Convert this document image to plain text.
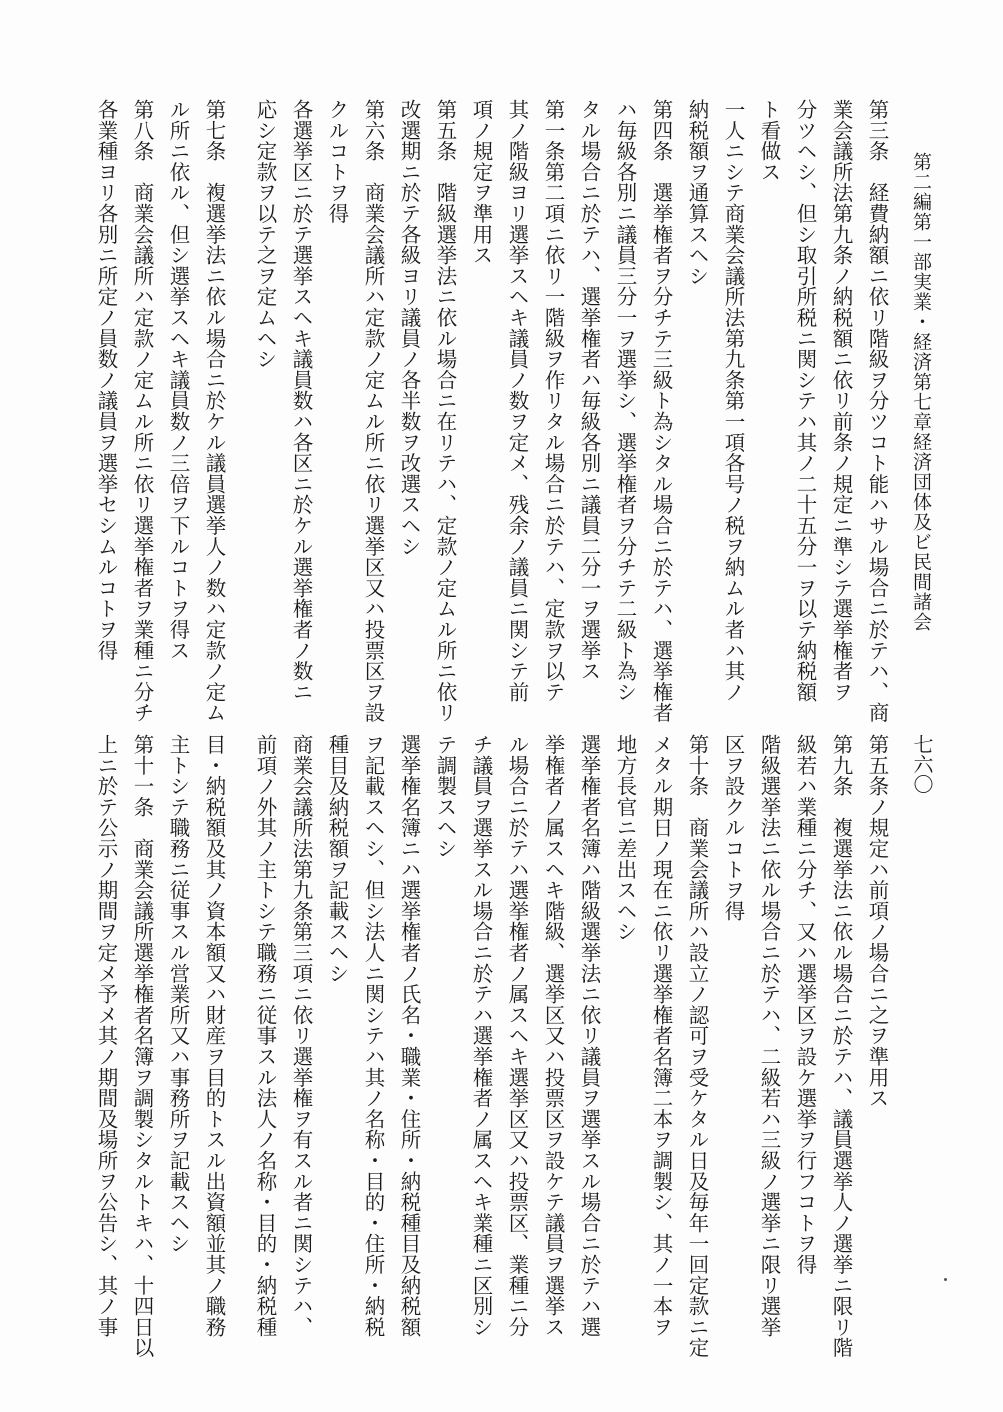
第二編第一部実業・経済第七章経済団体及ビ民間諸会
七六〇
第三条　経費納額ニ依リ階級ヲ分ツコト能ハサル場合ニ於テハ、商
業会議所法第九条ノ納税額ニ依リ前条ノ規定ニ準シテ選挙権者ヲ
分ツヘシ、但シ取引所税ニ関シテハ其ノ二十五分一ヲ以テ納税額
ト看做ス
一人ニシテ商業会議所法第九条第一項各号ノ税ヲ納ムル者ハ其ノ
納税額ヲ通算スヘシ
第四条　選挙権者ヲ分チテ三級ト為シタル場合ニ於テハ、選挙権者
ハ毎級各別ニ議員三分一ヲ選挙シ、選挙権者ヲ分チテ二級ト為シ
タル場合ニ於テハ、選挙権者ハ毎級各別ニ議員二分一ヲ選挙ス
第一条第二項ニ依リ一階級ヲ作リタル場合ニ於テハ、定款ヲ以テ
其ノ階級ヨリ選挙スヘキ議員ノ数ヲ定メ、残余ノ議員ニ関シテ前
項ノ規定ヲ準用ス
第五条　階級選挙法ニ依ル場合ニ在リテハ、定款ノ定ムル所ニ依リ
改選期ニ於テ各級ヨリ議員ノ各半数ヲ改選スヘシ
第六条　商業会議所ハ定款ノ定ムル所ニ依リ選挙区又ハ投票区ヲ設
クルコトヲ得
各選挙区ニ於テ選挙スヘキ議員数ハ各区ニ於ケル選挙権者ノ数ニ
応シ定款ヲ以テ之ヲ定ムヘシ
第七条　複選挙法ニ依ル場合ニ於ケル議員選挙人ノ数ハ定款ノ定ム
ル所ニ依ル、但シ選挙スヘキ議員数ノ三倍ヲ下ルコトヲ得ス
第八条　商業会議所ハ定款ノ定ムル所ニ依リ選挙権者ヲ業種ニ分チ
各業種ヨリ各別ニ所定ノ員数ノ議員ヲ選挙セシムルコトヲ得
第五条ノ規定ハ前項ノ場合ニ之ヲ準用ス
第九条　複選挙法ニ依ル場合ニ於テハ、議員選挙人ノ選挙ニ限リ階
級若ハ業種ニ分チ、又ハ選挙区ヲ設ケ選挙ヲ行フコトヲ得
階級選挙法ニ依ル場合ニ於テハ、二級若ハ三級ノ選挙ニ限リ選挙
区ヲ設クルコトヲ得
第十条　商業会議所ハ設立ノ認可ヲ受ケタル日及毎年一回定款ニ定
メタル期日ノ現在ニ依リ選挙権者名簿二本ヲ調製シ、其ノ一本ヲ
地方長官ニ差出スヘシ
選挙権者名簿ハ階級選挙法ニ依リ議員ヲ選挙スル場合ニ於テハ選
挙権者ノ属スヘキ階級、選挙区又ハ投票区ヲ設ケテ議員ヲ選挙ス
ル場合ニ於テハ選挙権者ノ属スヘキ選挙区又ハ投票区、業種ニ分
チ議員ヲ選挙スル場合ニ於テハ選挙権者ノ属スヘキ業種ニ区別シ
テ調製スヘシ
選挙権名簿ニハ選挙権者ノ氏名・職業・住所・納税種目及納税額
ヲ記載スヘシ、但シ法人ニ関シテハ其ノ名称・目的・住所・納税
種目及納税額ヲ記載スヘシ
商業会議所法第九条第三項ニ依リ選挙権ヲ有スル者ニ関シテハ、
前項ノ外其ノ主トシテ職務ニ従事スル法人ノ名称・目的・納税種
目・納税額及其ノ資本額又ハ財産ヲ目的トスル出資額並其ノ職務
主トシテ職務ニ従事スル営業所又ハ事務所ヲ記載スヘシ
第十一条　商業会議所選挙権者名簿ヲ調製シタルトキハ、十四日以
上ニ於テ公示ノ期間ヲ定メ予メ其ノ期間及場所ヲ公告シ、其ノ事
